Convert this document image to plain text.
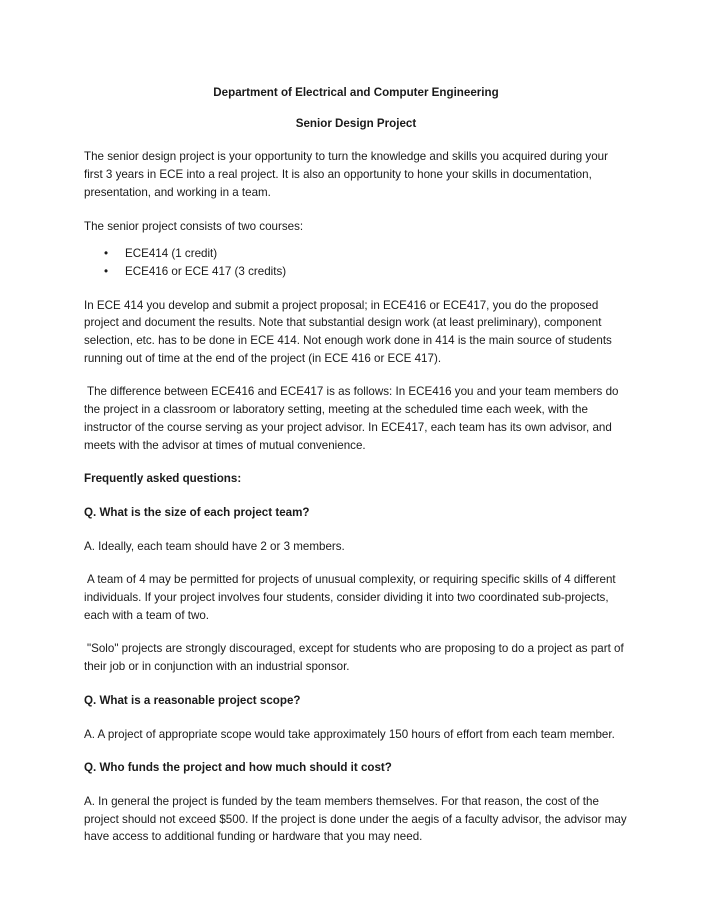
Department of Electrical and Computer Engineering

Senior Design Project

The senior design project is your opportunity to turn the knowledge and skills you acquired during your first 3 years in ECE into a real project. It is also an opportunity to hone your skills in documentation, presentation, and working in a team.

The senior project consists of two courses:

• ECE414 (1 credit)
• ECE416 or ECE 417 (3 credits)

In ECE 414 you develop and submit a project proposal; in ECE416 or ECE417, you do the proposed project and document the results. Note that substantial design work (at least preliminary), component selection, etc. has to be done in ECE 414. Not enough work done in 414 is the main source of students running out of time at the end of the project (in ECE 416 or ECE 417).

The difference between ECE416 and ECE417 is as follows: In ECE416 you and your team members do the project in a classroom or laboratory setting, meeting at the scheduled time each week, with the instructor of the course serving as your project advisor. In ECE417, each team has its own advisor, and meets with the advisor at times of mutual convenience.

Frequently asked questions:

Q. What is the size of each project team?

A. Ideally, each team should have 2 or 3 members.

A team of 4 may be permitted for projects of unusual complexity, or requiring specific skills of 4 different individuals. If your project involves four students, consider dividing it into two coordinated sub-projects, each with a team of two.

"Solo" projects are strongly discouraged, except for students who are proposing to do a project as part of their job or in conjunction with an industrial sponsor.

Q. What is a reasonable project scope?

A. A project of appropriate scope would take approximately 150 hours of effort from each team member.

Q. Who funds the project and how much should it cost?

A. In general the project is funded by the team members themselves. For that reason, the cost of the project should not exceed $500. If the project is done under the aegis of a faculty advisor, the advisor may have access to additional funding or hardware that you may need.
